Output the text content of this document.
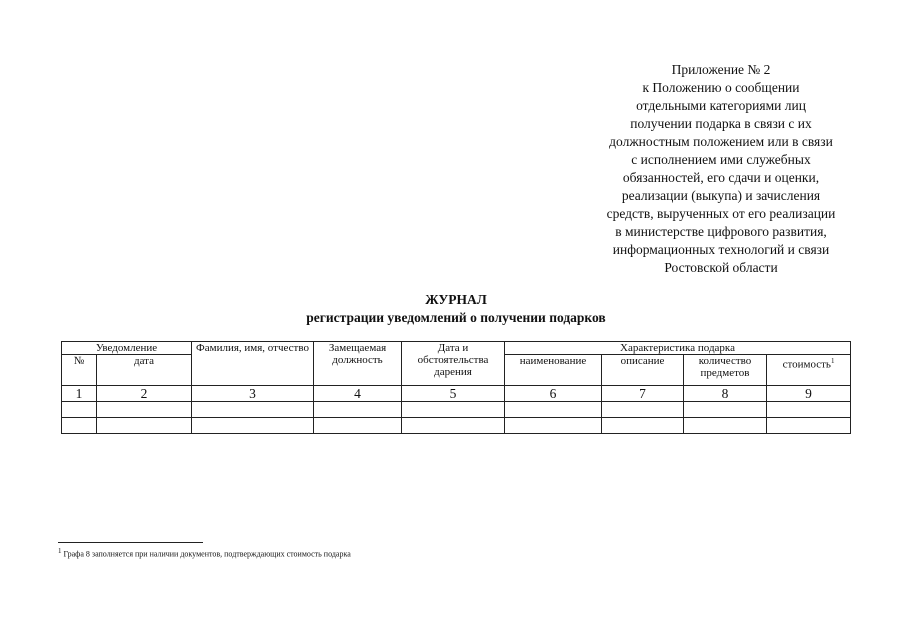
Приложение № 2
к Положению о сообщении
отдельными категориями лиц
получении подарка в связи с их
должностным положением или в связи
с исполнением ими служебных
обязанностей, его сдачи и оценки,
реализации (выкупа) и зачисления
средств, вырученных от его реализации
в министерстве цифрового развития,
информационных технологий и связи
Ростовской области
ЖУРНАЛ
регистрации уведомлений о получении подарков
Уведомление		Фамилия, имя, отчество	Замещаемая должность	Дата и обстоятельства дарения	Характеристика подарка			
№	дата				наименование	описание	количество предметов	стоимость$^1$
1	2	3	4	5	6	7	8	9

$^1$ Графа 8 заполняется при наличии документов, подтверждающих стоимость подарка
